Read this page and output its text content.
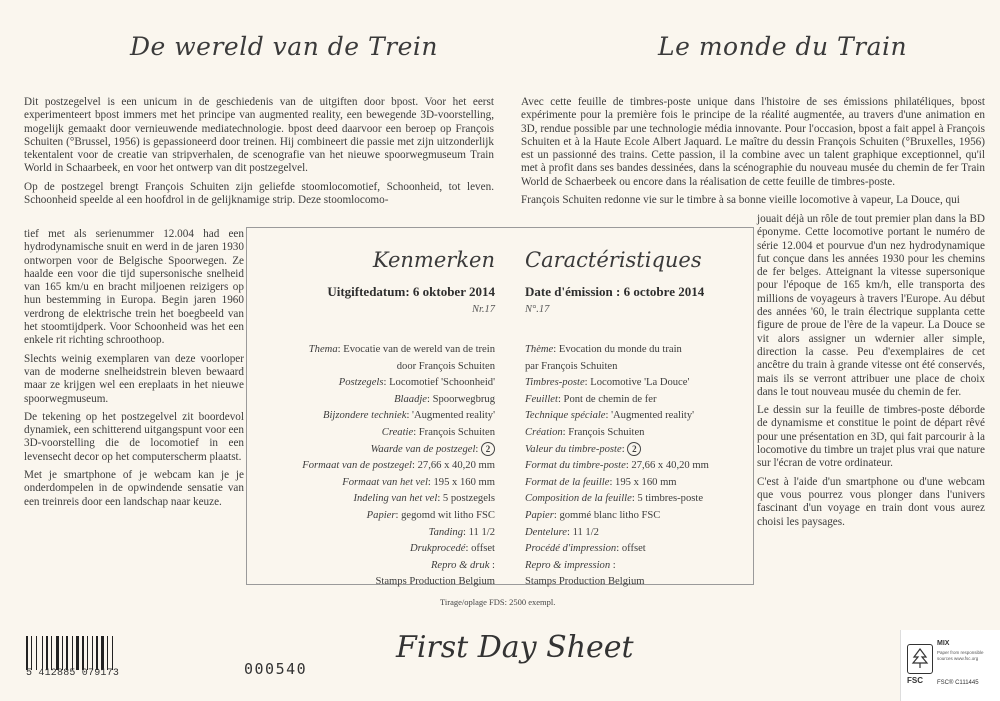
De wereld van de Trein	Le monde du Train

Dit postzegelvel is een unicum in de geschiedenis van de uitgiften door bpost. Voor het eerst experimenteert bpost immers met het principe van augmented reality, een bewegende 3D-voorstelling, mogelijk gemaakt door vernieuwende mediatechnologie. bpost deed daarvoor een beroep op François Schuiten (°Brussel, 1956) is gepassioneerd door treinen. Hij combineert die passie met zijn uitzonderlijk tekentalent voor de creatie van stripverhalen, de scenografie van het nieuwe spoorwegmuseum Train World in Schaarbeek, en voor het ontwerp van dit postzegelvel.

Op de postzegel brengt François Schuiten zijn geliefde stoomlocomotief, Schoonheid, tot leven. Schoonheid speelde al een hoofdrol in de gelijknamige strip. Deze stoomlocomo-

tief met als serienummer 12.004 had een hydrodynamische snuit en werd in de jaren 1930 ontworpen voor de Belgische Spoorwegen. Ze haalde een voor die tijd supersonische snelheid van 165 km/u en bracht miljoenen reizigers op hun bestemming in Europa. Begin jaren 1960 verdrong de elektrische trein het boegbeeld van het stoomtijdperk. Voor Schoonheid was het een enkele rit richting schroothoop.

Slechts weinig exemplaren van deze voorloper van de moderne snelheidstrein bleven bewaard maar ze krijgen wel een ereplaats in het nieuwe spoorwegmuseum.

De tekening op het postzegelvel zit boordevol dynamiek, een schitterend uitgangspunt voor een 3D-voorstelling die de locomotief in een levensecht decor op het computerscherm plaatst.

Met je smartphone of je webcam kan je je onderdompelen in de opwindende sensatie van een treinreis door een landschap naar keuze.

Avec cette feuille de timbres-poste unique dans l'histoire de ses émissions philatéliques, bpost expérimente pour la première fois le principe de la réalité augmentée, au travers d'une animation en 3D, rendue possible par une technologie média innovante. Pour l'occasion, bpost a fait appel à François Schuiten et à la Haute Ecole Albert Jaquard. Le maître du dessin François Schuiten (°Bruxelles, 1956) est un passionné des trains. Cette passion, il la combine avec un talent graphique exceptionnel, qu'il met à profit dans ses bandes dessinées, dans la scénographie du nouveau musée du chemin de fer Train World de Schaerbeek ou encore dans la réalisation de cette feuille de timbres-poste.

François Schuiten redonne vie sur le timbre à sa bonne vieille locomotive à vapeur, La Douce, qui

jouait déjà un rôle de tout premier plan dans la BD éponyme. Cette locomotive portant le numéro de série 12.004 et pourvue d'un nez hydrodynamique fut conçue dans les années 1930 pour les chemins de fer belges. Atteignant la vitesse supersonique pour l'époque de 165 km/h, elle transporta des millions de voyageurs à travers l'Europe. Au début des années '60, le train électrique supplanta cette figure de proue de l'ère de la vapeur. La Douce se vit alors assigner un wdernier aller simple, direction la casse. Peu d'exemplaires de cet ancêtre du train à grande vitesse ont été conservés, mais ils se verront attribuer une place de choix dans le tout nouveau musée du chemin de fer.

Le dessin sur la feuille de timbres-poste déborde de dynamisme et constitue le point de départ rêvé pour une présentation en 3D, qui fait parcourir à la locomotive du timbre un trajet plus vrai que nature sur l'écran de votre ordinateur.

C'est à l'aide d'un smartphone ou d'une webcam que vous pourrez vous plonger dans l'univers fascinant d'un voyage en train dont vous aurez choisi les paysages.

Kenmerken Caractéristiques
Uitgiftedatum: 6 oktober 2014 Date d'émission : 6 octobre 2014
Nr.17	N°.17
Thema: Evocatie van de wereld van de trein
door François Schuiten
Postzegels: Locomotief 'Schoonheid'
Blaadje: Spoorwegbrug
Bijzondere techniek: 'Augmented reality'
Creatie: François Schuiten
Waarde van de postzegel: 2
Formaat van de postzegel: 27,66 x 40,20 mm
Formaat van het vel: 195 x 160 mm
Indeling van het vel: 5 postzegels
Papier: gegomd wit litho FSC
Tanding: 11 1/2
Drukprocedé: offset
Repro & druk :
Stamps Production Belgium
Thème: Evocation du monde du train
par François Schuiten
Timbres-poste: Locomotive 'La Douce'
Feuillet: Pont de chemin de fer
Technique spéciale: 'Augmented reality'
Création: François Schuiten
Valeur du timbre-poste: 2
Format du timbre-poste: 27,66 x 40,20 mm
Format de la feuille: 195 x 160 mm
Composition de la feuille: 5 timbres-poste
Papier: gommé blanc litho FSC
Dentelure: 11 1/2
Procédé d'impression: offset
Repro & impression :
Stamps Production Belgium
Tirage/oplage FDS: 2500 exempl.
5 412885 079173	000540
First Day Sheet
FSC
MIX
Paper from responsible sources www.fsc.org
FSC® C111445
